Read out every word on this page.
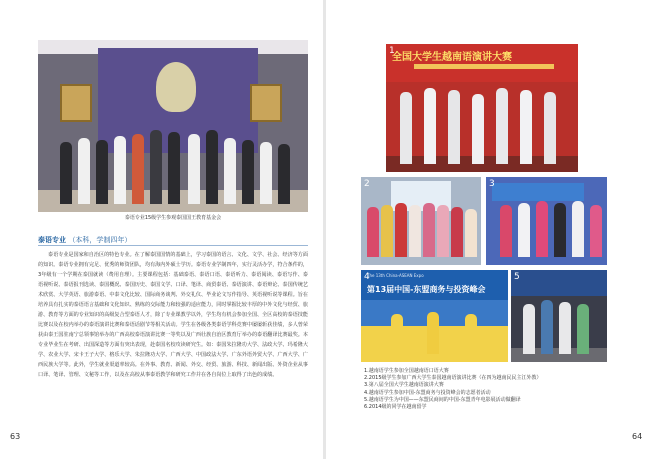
泰语专业15级学生参观泰国国王教育基金会
泰语专业 （本科，学制四年）
泰语专业是国家和自治区的特色专业。在了解泰国国情的基础上，学习泰国的语言、文化、文学、社会、经济等方面的知识。泰语专业拥有完足、优秀的师资团队，均有海内外硕士学历。泰语专业学制四年，实行灵活办学，符合条件的，3年级有一个学期在泰国就读（费用自理）。主要课程包括：基础泰语、泰语口语、泰语听力、泰语阅读、泰语写作、泰语视听说、泰语报刊选读、泰国概况、泰国历史、泰国文学、口译、笔译、商贸泰语、泰语演讲、泰语辩论、泰国传统艺术欣赏、大学英语、旅游泰语、中泰文化比较、国际商务谈判、外交礼仪、毕业论文写作指导、英语视听说等课程。旨在培养具有扎实的泰语语言基础和文化知识、熟练的交际能力和较强的适应能力，同时掌握比较丰厚的中外文化与经贸、旅游、教育等方面的专业知识的高级复合型泰语人才，除了专业课教学以外，学生均有机会参加全国、全区高校的泰语技能比赛以及在校内举办的泰语演讲比赛和泰语话剧节等相关活动。学生在各级各类泰语学科竞赛中屡屡斩获佳绩，多人曾荣获由泰王国驻南宁总领事馆举办的广西高校泰语演讲比赛一等奖以及广西壮族自治区教育厅举办的泰语翻译比赛最奖。本专业毕业生在考研、出国深造等方面有突出表现，赴泰国名校攻读研究生。如：泰国朱拉隆功大学、法政大学、玛希隆大学、农业大学、宋卡王子大学、格乐大学、朱拉隆功大学、广西大学、中国政法大学、广东外语外贸大学、广西大学、广西民族大学等。此外，学生就业渠道率较高。在外事、教育、新闻、外交、经贸、旅游、科技、新闻出版、外资企业从事口译、笔译、管理、文秘等工作，以及在高校从事泰语教学和研究工作并在各自岗位上取得了出色的成绩。
63
全国大学生越南语演讲大赛
1
2	3
The 13th China-ASEAN Expo
第13届中国-东盟商务与投资峰会
4	5
1.越南语学生参加全国越南语口语大赛
2.2015级学生参加广西大学生泰国越南语演讲比赛（在四为越南民民主江外教）
3.第八届全国大学生越南语演讲大赛
4.越南语学生参加中国-东盟商务与投资峰会的志愿者活动
5.越南语学生为中国——东盟民商间的中国-东盟青年电影展活动做翻译
6.2014级的同学在越南留学
64
